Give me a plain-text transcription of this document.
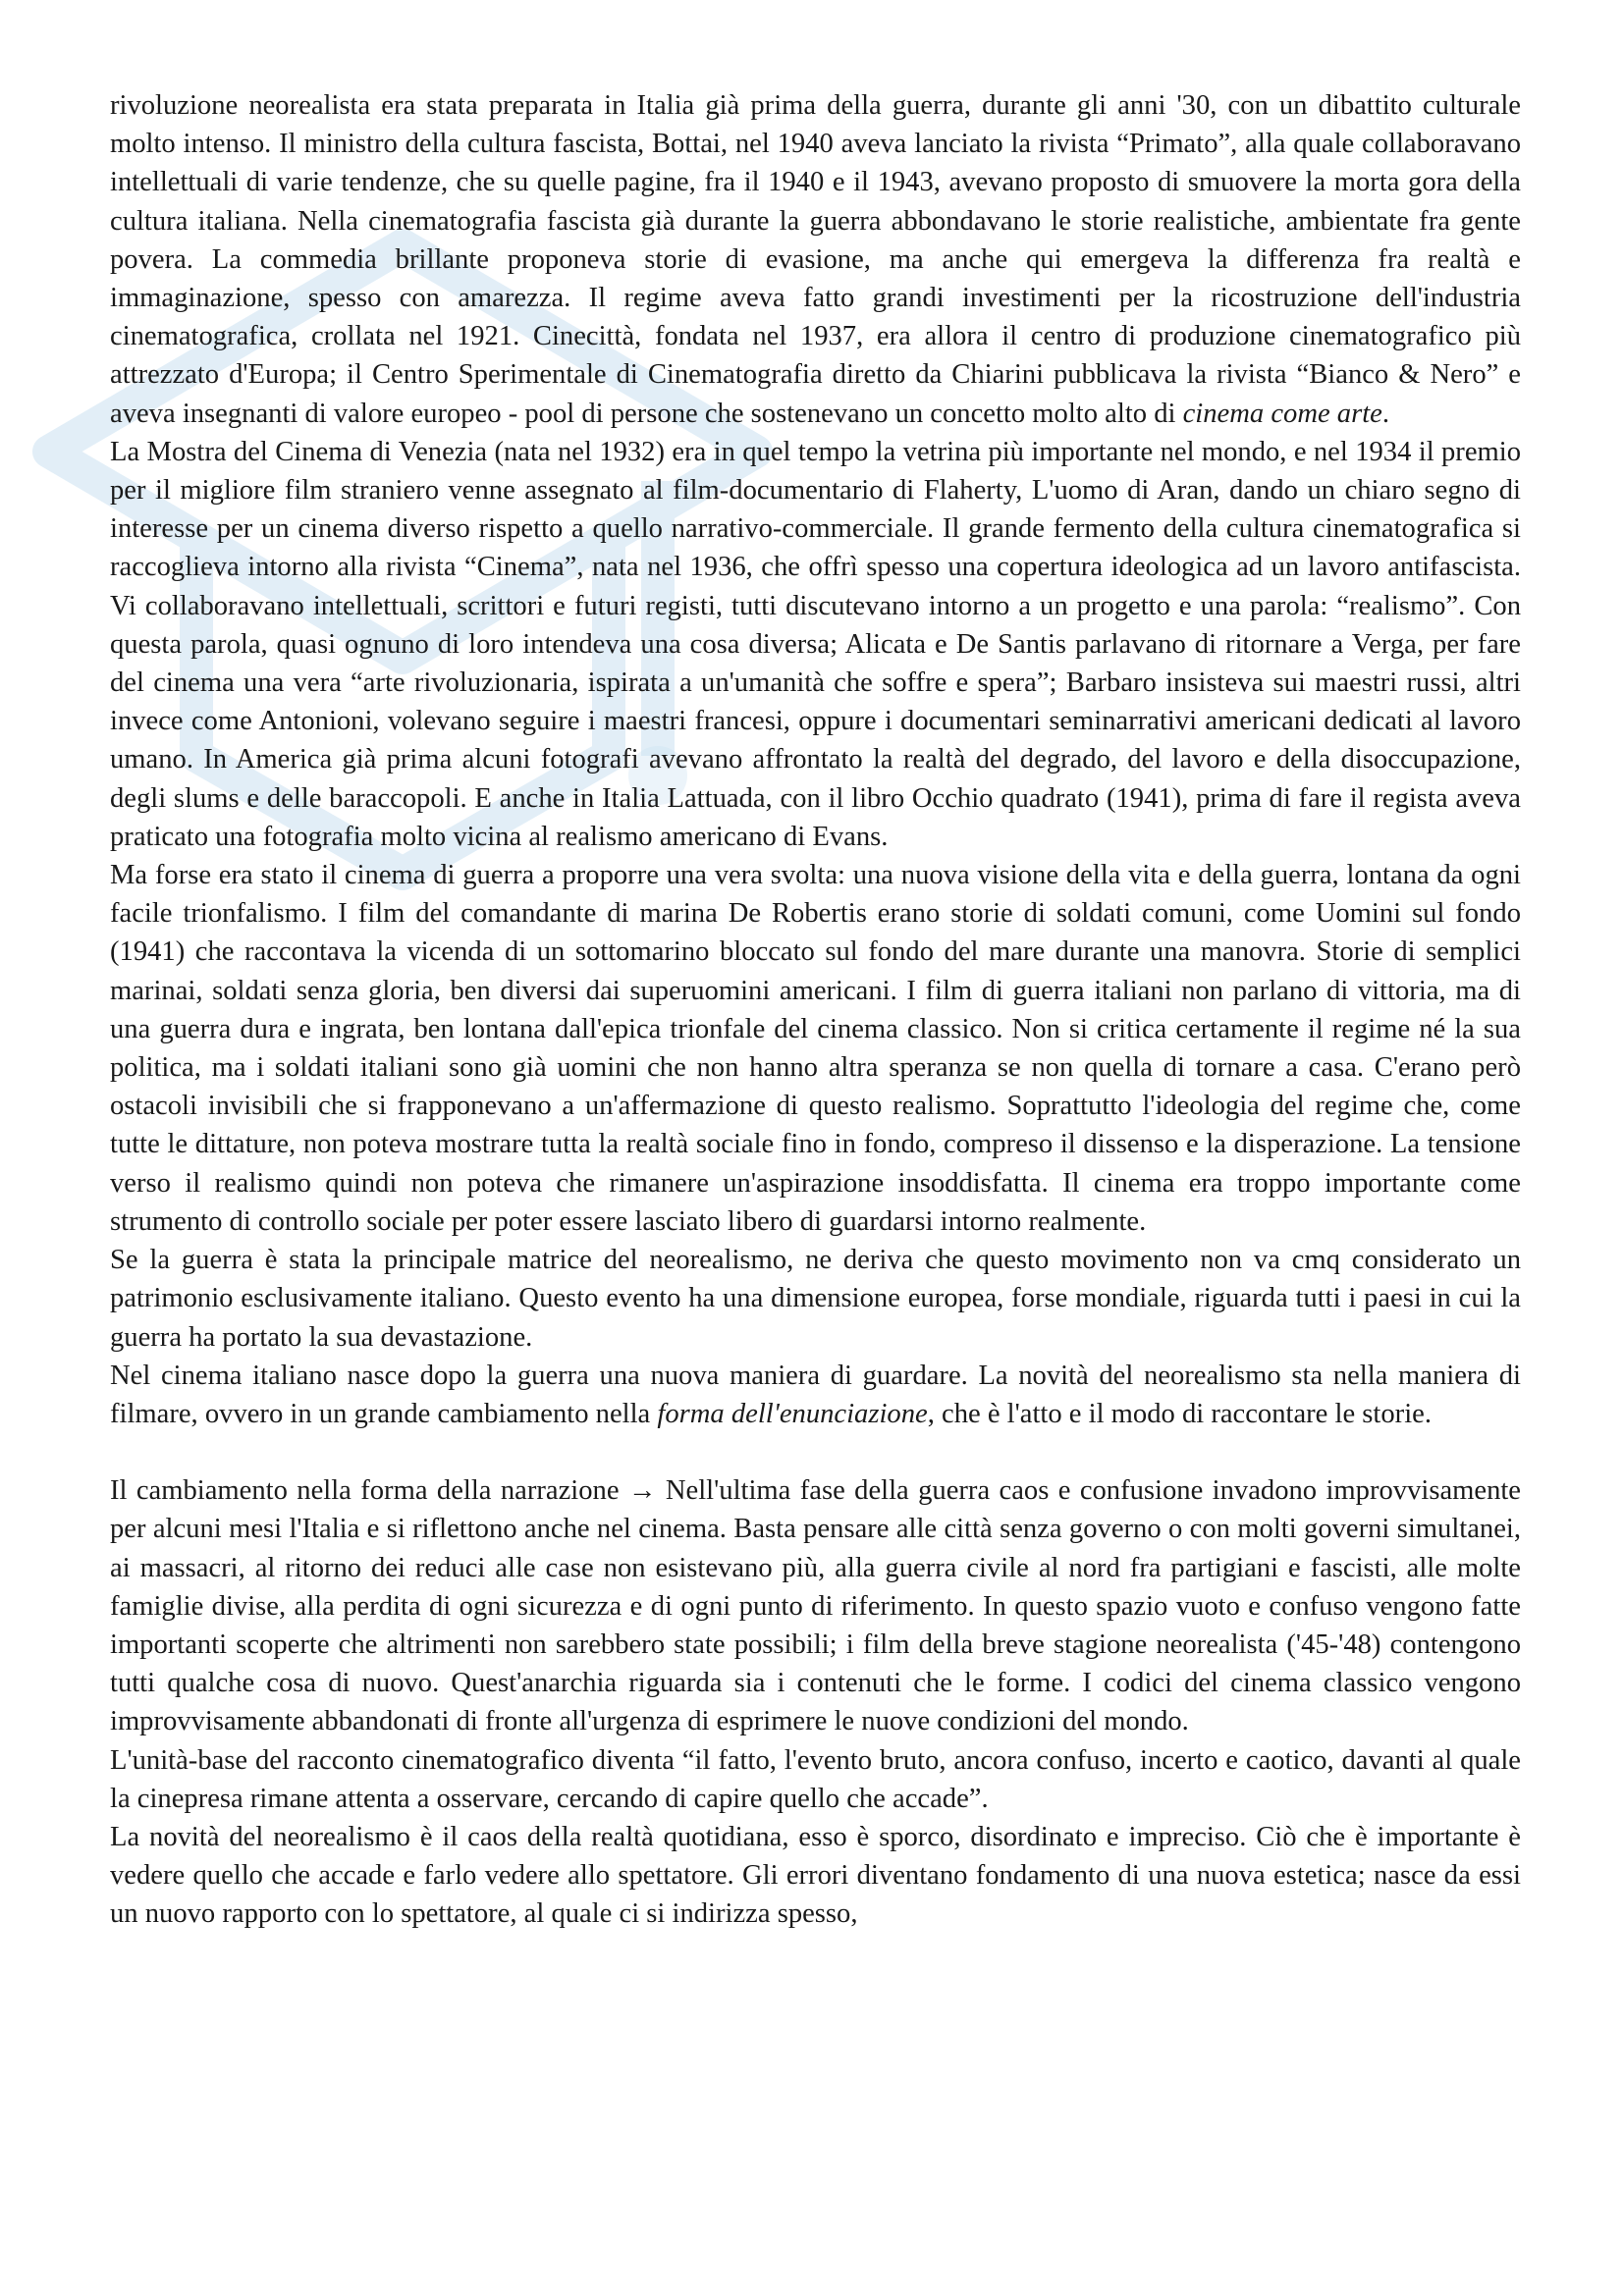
rivoluzione neorealista era stata preparata in Italia già prima della guerra, durante gli anni '30, con un dibattito culturale molto intenso. Il ministro della cultura fascista, Bottai, nel 1940 aveva lanciato la rivista “Primato”, alla quale collaboravano intellettuali di varie tendenze, che su quelle pagine, fra il 1940 e il 1943, avevano proposto di smuovere la morta gora della cultura italiana. Nella cinematografia fascista già durante la guerra abbondavano le storie realistiche, ambientate fra gente povera. La commedia brillante proponeva storie di evasione, ma anche qui emergeva la differenza fra realtà e immaginazione, spesso con amarezza. Il regime aveva fatto grandi investimenti per la ricostruzione dell'industria cinematografica, crollata nel 1921. Cinecittà, fondata nel 1937, era allora il centro di produzione cinematografico più attrezzato d'Europa; il Centro Sperimentale di Cinematografia diretto da Chiarini pubblicava la rivista “Bianco & Nero” e aveva insegnanti di valore europeo - pool di persone che sostenevano un concetto molto alto di cinema come arte.

La Mostra del Cinema di Venezia (nata nel 1932) era in quel tempo la vetrina più importante nel mondo, e nel 1934 il premio per il migliore film straniero venne assegnato al film-documentario di Flaherty, L'uomo di Aran, dando un chiaro segno di interesse per un cinema diverso rispetto a quello narrativo-commerciale. Il grande fermento della cultura cinematografica si raccoglieva intorno alla rivista “Cinema”, nata nel 1936, che offrì spesso una copertura ideologica ad un lavoro antifascista. Vi collaboravano intellettuali, scrittori e futuri registi, tutti discutevano intorno a un progetto e una parola: “realismo”. Con questa parola, quasi ognuno di loro intendeva una cosa diversa; Alicata e De Santis parlavano di ritornare a Verga, per fare del cinema una vera “arte rivoluzionaria, ispirata a un'umanità che soffre e spera”; Barbaro insisteva sui maestri russi, altri invece come Antonioni, volevano seguire i maestri francesi, oppure i documentari seminarrativi americani dedicati al lavoro umano. In America già prima alcuni fotografi avevano affrontato la realtà del degrado, del lavoro e della disoccupazione, degli slums e delle baraccopoli. E anche in Italia Lattuada, con il libro Occhio quadrato (1941), prima di fare il regista aveva praticato una fotografia molto vicina al realismo americano di Evans.

Ma forse era stato il cinema di guerra a proporre una vera svolta: una nuova visione della vita e della guerra, lontana da ogni facile trionfalismo. I film del comandante di marina De Robertis erano storie di soldati comuni, come Uomini sul fondo (1941) che raccontava la vicenda di un sottomarino bloccato sul fondo del mare durante una manovra. Storie di semplici marinai, soldati senza gloria, ben diversi dai superuomini americani. I film di guerra italiani non parlano di vittoria, ma di una guerra dura e ingrata, ben lontana dall'epica trionfale del cinema classico. Non si critica certamente il regime né la sua politica, ma i soldati italiani sono già uomini che non hanno altra speranza se non quella di tornare a casa. C'erano però ostacoli invisibili che si frapponevano a un'affermazione di questo realismo. Soprattutto l'ideologia del regime che, come tutte le dittature, non poteva mostrare tutta la realtà sociale fino in fondo, compreso il dissenso e la disperazione. La tensione verso il realismo quindi non poteva che rimanere un'aspirazione insoddisfatta. Il cinema era troppo importante come strumento di controllo sociale per poter essere lasciato libero di guardarsi intorno realmente.

Se la guerra è stata la principale matrice del neorealismo, ne deriva che questo movimento non va cmq considerato un patrimonio esclusivamente italiano. Questo evento ha una dimensione europea, forse mondiale, riguarda tutti i paesi in cui la guerra ha portato la sua devastazione.

Nel cinema italiano nasce dopo la guerra una nuova maniera di guardare. La novità del neorealismo sta nella maniera di filmare, ovvero in un grande cambiamento nella forma dell'enunciazione, che è l'atto e il modo di raccontare le storie.

Il cambiamento nella forma della narrazione → Nell'ultima fase della guerra caos e confusione invadono improvvisamente per alcuni mesi l'Italia e si riflettono anche nel cinema. Basta pensare alle città senza governo o con molti governi simultanei, ai massacri, al ritorno dei reduci alle case non esistevano più, alla guerra civile al nord fra partigiani e fascisti, alle molte famiglie divise, alla perdita di ogni sicurezza e di ogni punto di riferimento. In questo spazio vuoto e confuso vengono fatte importanti scoperte che altrimenti non sarebbero state possibili; i film della breve stagione neorealista ('45-'48) contengono tutti qualche cosa di nuovo. Quest'anarchia riguarda sia i contenuti che le forme. I codici del cinema classico vengono improvvisamente abbandonati di fronte all'urgenza di esprimere le nuove condizioni del mondo.

L'unità-base del racconto cinematografico diventa “il fatto, l'evento bruto, ancora confuso, incerto e caotico, davanti al quale la cinepresa rimane attenta a osservare, cercando di capire quello che accade”.

La novità del neorealismo è il caos della realtà quotidiana, esso è sporco, disordinato e impreciso. Ciò che è importante è vedere quello che accade e farlo vedere allo spettatore. Gli errori diventano fondamento di una nuova estetica; nasce da essi un nuovo rapporto con lo spettatore, al quale ci si indirizza spesso,
